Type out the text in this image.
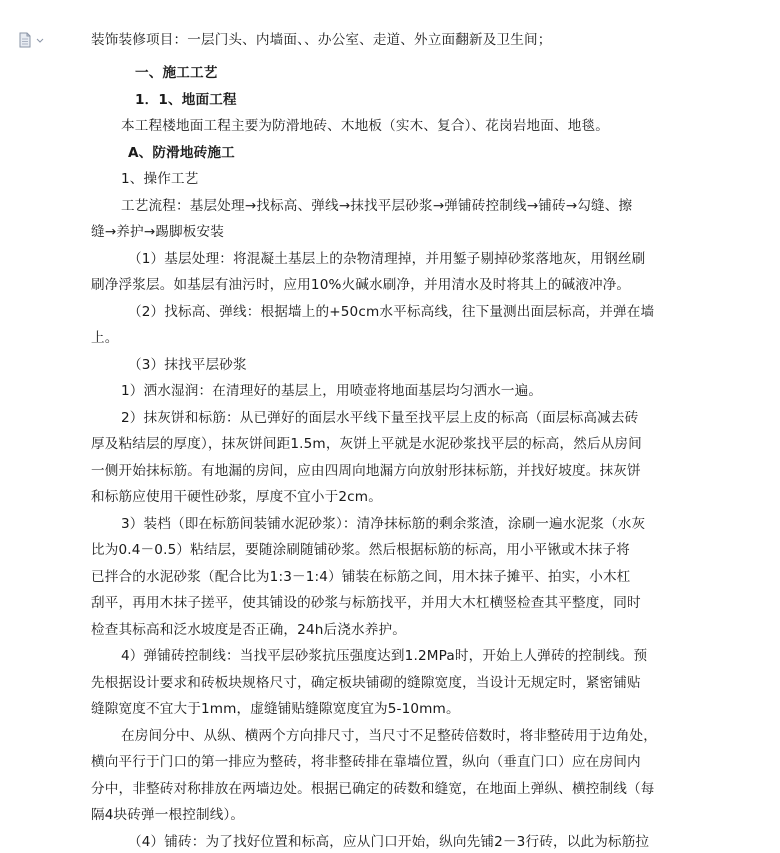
装饰装修项目：一层门头、内墙面、、办公室、走道、外立面翻新及卫生间；
一、施工工艺
1．1、地面工程
本工程楼地面工程主要为防滑地砖、木地板（实木、复合）、花岗岩地面、地毯。
A、防滑地砖施工
1、操作工艺
工艺流程：基层处理→找标高、弹线→抹找平层砂浆→弹铺砖控制线→铺砖→勾缝、擦
缝→养护→踢脚板安装
（1）基层处理：将混凝土基层上的杂物清理掉，并用錾子剔掉砂浆落地灰，用钢丝刷
刷净浮浆层。如基层有油污时，应用10%火碱水刷净，并用清水及时将其上的碱液冲净。
（2）找标高、弹线：根据墙上的+50cm水平标高线，往下量测出面层标高，并弹在墙
上。
（3）抹找平层砂浆
1）洒水湿润：在清理好的基层上，用喷壶将地面基层均匀洒水一遍。
2）抹灰饼和标筋：从已弹好的面层水平线下量至找平层上皮的标高（面层标高减去砖
厚及粘结层的厚度），抹灰饼间距1.5m，灰饼上平就是水泥砂浆找平层的标高，然后从房间
一侧开始抹标筋。有地漏的房间，应由四周向地漏方向放射形抹标筋，并找好坡度。抹灰饼
和标筋应使用干硬性砂浆，厚度不宜小于2cm。
3）装档（即在标筋间装铺水泥砂浆）：清净抹标筋的剩余浆渣，涂刷一遍水泥浆（水灰
比为0.4－0.5）粘结层，要随涂刷随铺砂浆。然后根据标筋的标高，用小平锹或木抹子将
已拌合的水泥砂浆（配合比为1:3－1:4）铺装在标筋之间，用木抹子摊平、拍实，小木杠
刮平，再用木抹子搓平，使其铺设的砂浆与标筋找平，并用大木杠横竖检查其平整度，同时
检查其标高和泛水坡度是否正确，24h后浇水养护。
4）弹铺砖控制线：当找平层砂浆抗压强度达到1.2MPa时，开始上人弹砖的控制线。预
先根据设计要求和砖板块规格尺寸，确定板块铺砌的缝隙宽度，当设计无规定时，紧密铺贴
缝隙宽度不宜大于1mm，虚缝铺贴缝隙宽度宜为5-10mm。
在房间分中、从纵、横两个方向排尺寸，当尺寸不足整砖倍数时，将非整砖用于边角处，
横向平行于门口的第一排应为整砖，将非整砖排在靠墙位置，纵向（垂直门口）应在房间内
分中，非整砖对称排放在两墙边处。根据已确定的砖数和缝宽，在地面上弹纵、横控制线（每
隔4块砖弹一根控制线）。
（4）铺砖：为了找好位置和标高，应从门口开始，纵向先铺2－3行砖，以此为标筋拉
